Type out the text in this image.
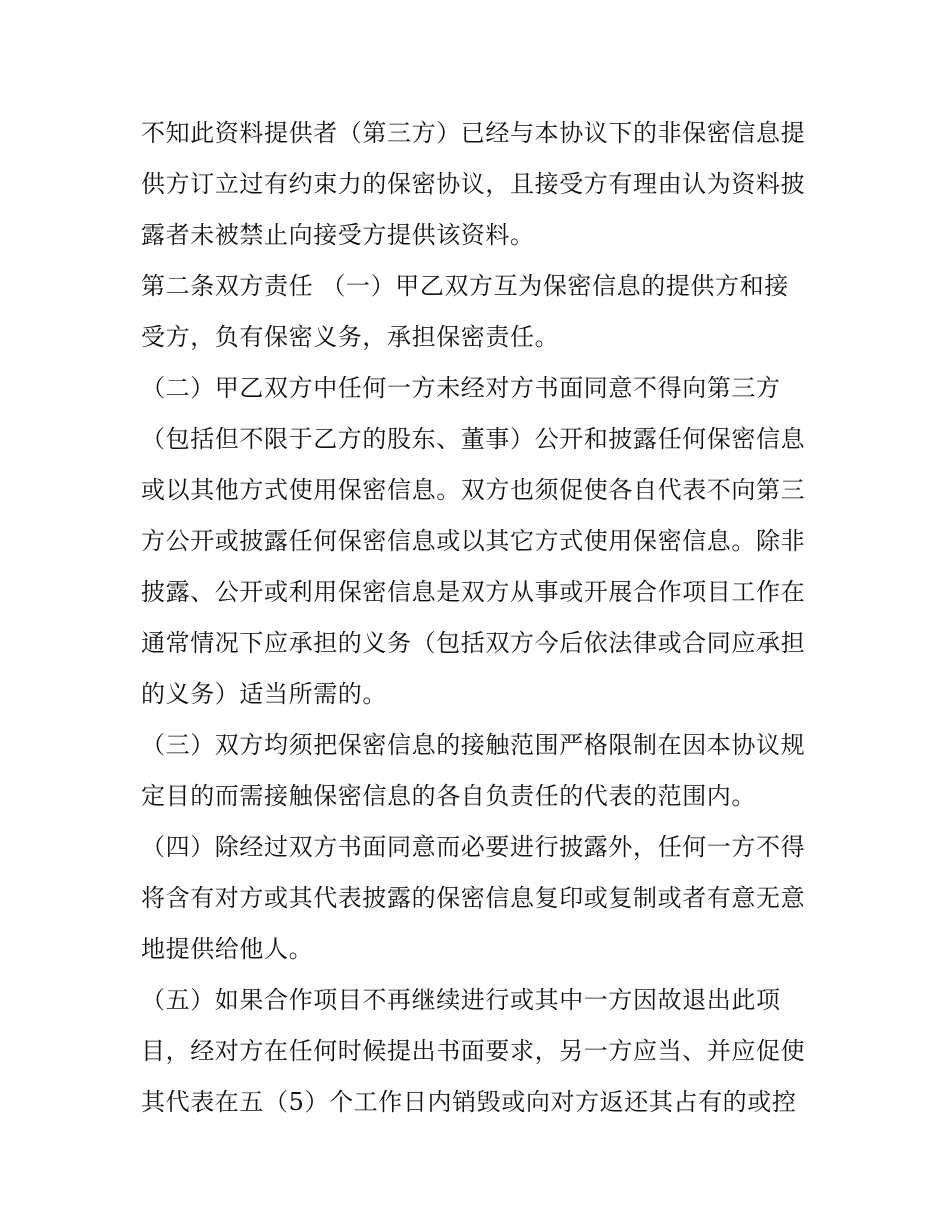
不知此资料提供者（第三方）已经与本协议下的非保密信息提
供方订立过有约束力的保密协议，且接受方有理由认为资料披
露者未被禁止向接受方提供该资料。
第二条双方责任 （一）甲乙双方互为保密信息的提供方和接
受方，负有保密义务，承担保密责任。
（二）甲乙双方中任何一方未经对方书面同意不得向第三方
（包括但不限于乙方的股东、董事）公开和披露任何保密信息
或以其他方式使用保密信息。双方也须促使各自代表不向第三
方公开或披露任何保密信息或以其它方式使用保密信息。除非
披露、公开或利用保密信息是双方从事或开展合作项目工作在
通常情况下应承担的义务（包括双方今后依法律或合同应承担
的义务）适当所需的。
（三）双方均须把保密信息的接触范围严格限制在因本协议规
定目的而需接触保密信息的各自负责任的代表的范围内。
（四）除经过双方书面同意而必要进行披露外，任何一方不得
将含有对方或其代表披露的保密信息复印或复制或者有意无意
地提供给他人。
（五）如果合作项目不再继续进行或其中一方因故退出此项
目，经对方在任何时候提出书面要求，另一方应当、并应促使
其代表在五（5）个工作日内销毁或向对方返还其占有的或控
